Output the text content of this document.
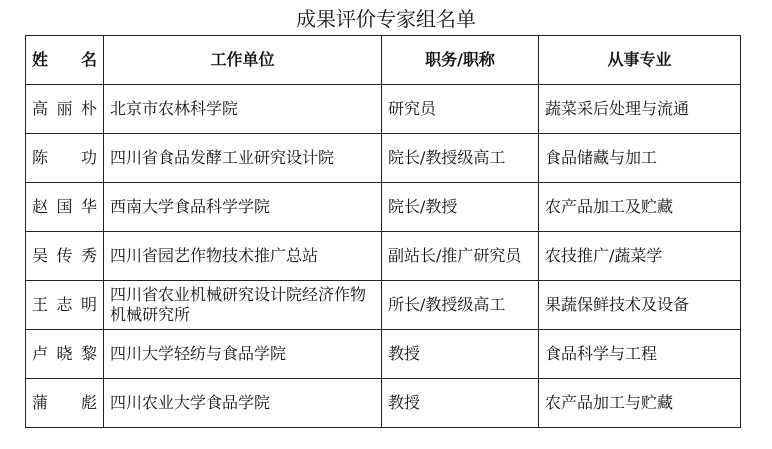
成果评价专家组名单
姓　名	工作单位	职务/职称	从事专业
高丽朴	北京市农林科学院	研究员	蔬菜采后处理与流通
陈　功	四川省食品发酵工业研究设计院	院长/教授级高工	食品储藏与加工
赵国华	西南大学食品科学学院	院长/教授	农产品加工及贮藏
吴传秀	四川省园艺作物技术推广总站	副站长/推广研究员	农技推广/蔬菜学
王志明	四川省农业机械研究设计院经济作物机械研究所	所长/教授级高工	果蔬保鲜技术及设备
卢晓黎	四川大学轻纺与食品学院	教授	食品科学与工程
蒲　彪	四川农业大学食品学院	教授	农产品加工与贮藏
